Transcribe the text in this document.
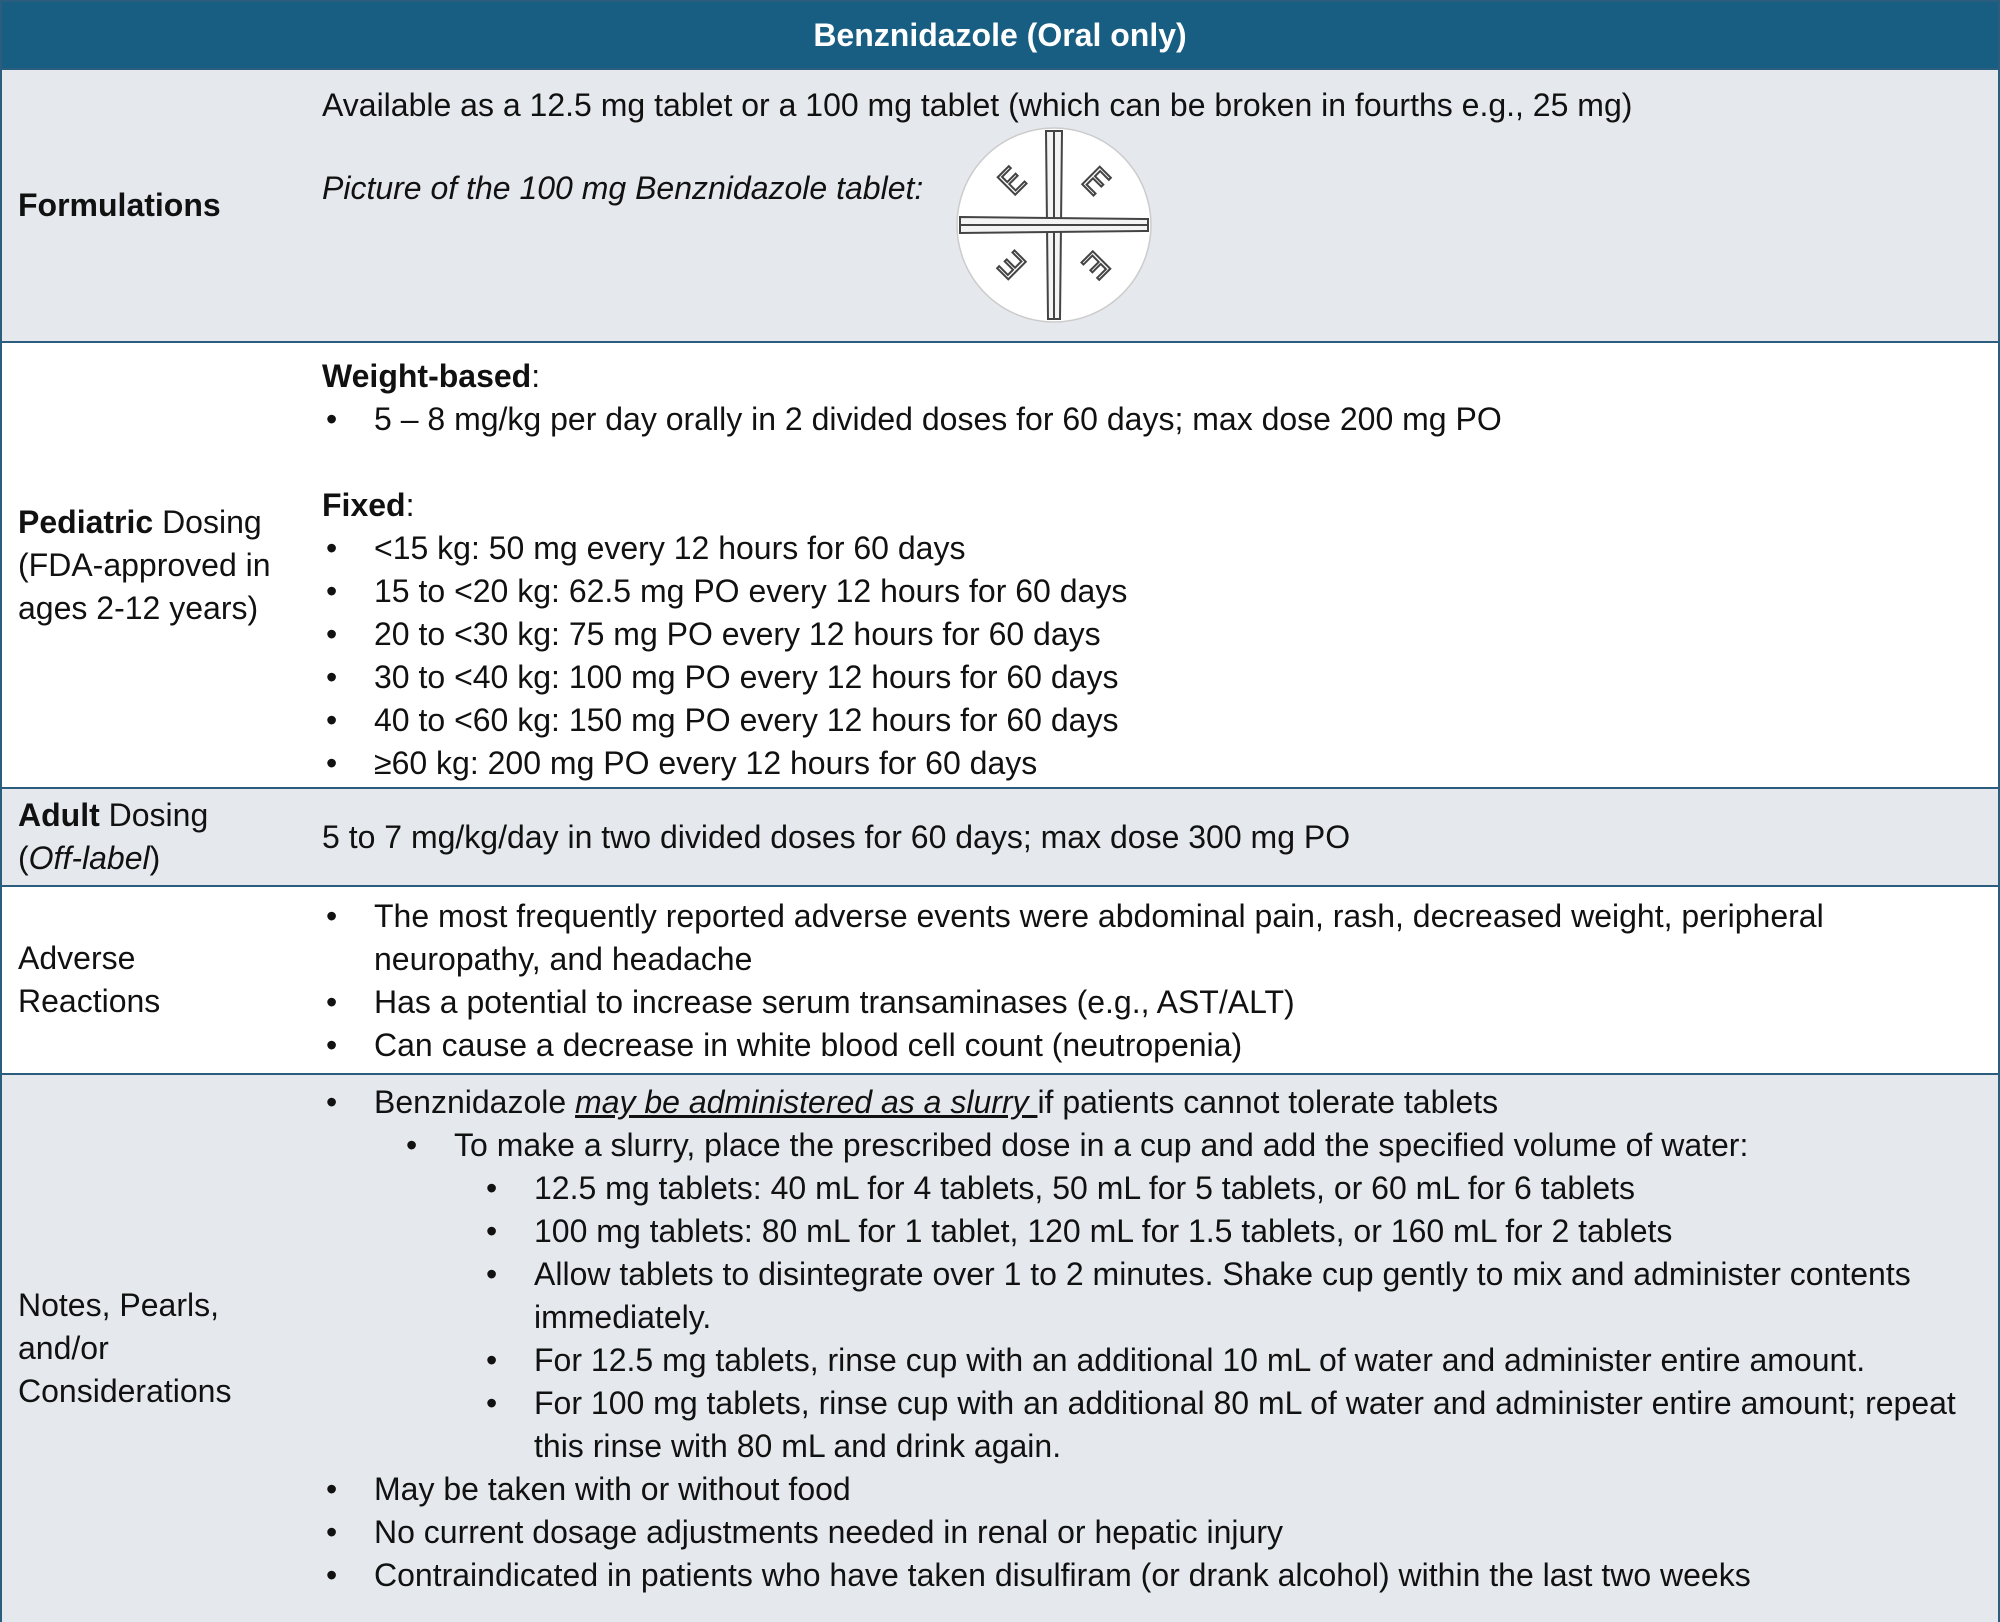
Benznidazole (Oral only)
Formulations
Available as a 12.5 mg tablet or a 100 mg tablet (which can be broken in fourths e.g., 25 mg)
Picture of the 100 mg Benznidazole tablet:	E E
E E
Pediatric Dosing
(FDA-approved in
ages 2-12 years)
Weight-based:
• 5 – 8 mg/kg per day orally in 2 divided doses for 60 days; max dose 200 mg PO
Fixed:
• <15 kg: 50 mg every 12 hours for 60 days
• 15 to <20 kg: 62.5 mg PO every 12 hours for 60 days
• 20 to <30 kg: 75 mg PO every 12 hours for 60 days
• 30 to <40 kg: 100 mg PO every 12 hours for 60 days
• 40 to <60 kg: 150 mg PO every 12 hours for 60 days
• ≥60 kg: 200 mg PO every 12 hours for 60 days
Adult Dosing
(Off-label)
5 to 7 mg/kg/day in two divided doses for 60 days; max dose 300 mg PO
Adverse
Reactions
• The most frequently reported adverse events were abdominal pain, rash, decreased weight, peripheral neuropathy, and headache
• Has a potential to increase serum transaminases (e.g., AST/ALT)
• Can cause a decrease in white blood cell count (neutropenia)
Notes, Pearls,
and/or
Considerations
• Benznidazole may be administered as a slurry if patients cannot tolerate tablets
• To make a slurry, place the prescribed dose in a cup and add the specified volume of water:
• 12.5 mg tablets: 40 mL for 4 tablets, 50 mL for 5 tablets, or 60 mL for 6 tablets
• 100 mg tablets: 80 mL for 1 tablet, 120 mL for 1.5 tablets, or 160 mL for 2 tablets
• Allow tablets to disintegrate over 1 to 2 minutes. Shake cup gently to mix and administer contents immediately.
• For 12.5 mg tablets, rinse cup with an additional 10 mL of water and administer entire amount.
• For 100 mg tablets, rinse cup with an additional 80 mL of water and administer entire amount; repeat this rinse with 80 mL and drink again.
• May be taken with or without food
• No current dosage adjustments needed in renal or hepatic injury
• Contraindicated in patients who have taken disulfiram (or drank alcohol) within the last two weeks
